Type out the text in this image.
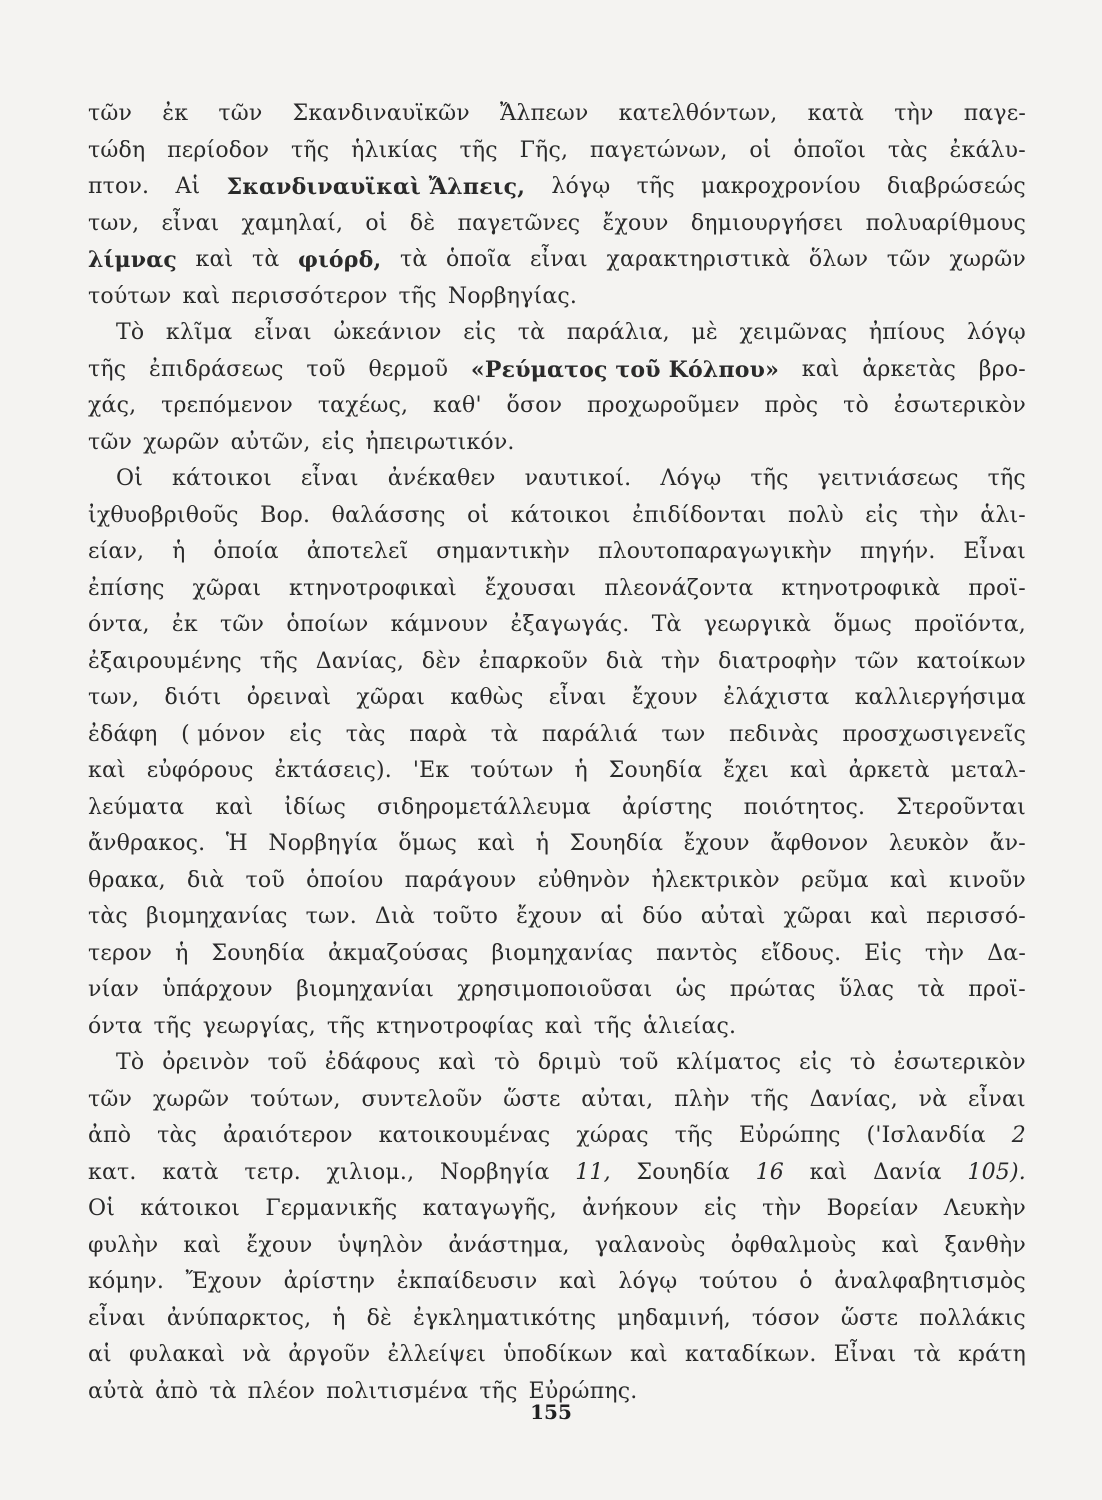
τῶν ἐκ τῶν Σκανδιναυϊκῶν Ἄλπεων κατελθόντων, κατὰ τὴν παγε-
τώδη περίοδον τῆς ἡλικίας τῆς Γῆς, παγετώνων, οἱ ὁποῖοι τὰς ἐκάλυ-
πτον. Αἱ Σκανδιναυϊκαὶ Ἄλπεις, λόγῳ τῆς μακροχρονίου διαβρώσεώς
των, εἶναι χαμηλαί, οἱ δὲ παγετῶνες ἔχουν δημιουργήσει πολυαρίθμους
λίμνας καὶ τὰ φιόρδ, τὰ ὁποῖα εἶναι χαρακτηριστικὰ ὅλων τῶν χωρῶν
τούτων καὶ περισσότερον τῆς Νορβηγίας.
Τὸ κλῖμα εἶναι ὠκεάνιον εἰς τὰ παράλια, μὲ χειμῶνας ἠπίους λόγῳ
τῆς ἐπιδράσεως τοῦ θερμοῦ «Ρεύματος τοῦ Κόλπου» καὶ ἀρκετὰς βρο-
χάς, τρεπόμενον ταχέως, καθ' ὅσον προχωροῦμεν πρὸς τὸ ἐσωτερικὸν
τῶν χωρῶν αὐτῶν, εἰς ἠπειρωτικόν.
Οἱ κάτοικοι εἶναι ἀνέκαθεν ναυτικοί. Λόγῳ τῆς γειτνιάσεως τῆς
ἰχθυοβριθοῦς Βορ. θαλάσσης οἱ κάτοικοι ἐπιδίδονται πολὺ εἰς τὴν ἁλι-
είαν, ἡ ὁποία ἀποτελεῖ σημαντικὴν πλουτοπαραγωγικὴν πηγήν. Εἶναι
ἐπίσης χῶραι κτηνοτροφικαὶ ἔχουσαι πλεονάζοντα κτηνοτροφικὰ προϊ-
όντα, ἐκ τῶν ὁποίων κάμνουν ἐξαγωγάς. Τὰ γεωργικὰ ὅμως προϊόντα,
ἐξαιρουμένης τῆς Δανίας, δὲν ἐπαρκοῦν διὰ τὴν διατροφὴν τῶν κατοίκων
των, διότι ὀρειναὶ χῶραι καθὼς εἶναι ἔχουν ἐλάχιστα καλλιεργήσιμα
ἐδάφη ( μόνον εἰς τὰς παρὰ τὰ παράλιά των πεδινὰς προσχωσιγενεῖς
καὶ εὐφόρους ἐκτάσεις). 'Εκ τούτων ἡ Σουηδία ἔχει καὶ ἀρκετὰ μεταλ-
λεύματα καὶ ἰδίως σιδηρομετάλλευμα ἀρίστης ποιότητος. Στεροῦνται
ἄνθρακος. Ἡ Νορβηγία ὅμως καὶ ἡ Σουηδία ἔχουν ἄφθονον λευκὸν ἄν-
θρακα, διὰ τοῦ ὁποίου παράγουν εὐθηνὸν ἠλεκτρικὸν ρεῦμα καὶ κινοῦν
τὰς βιομηχανίας των. Διὰ τοῦτο ἔχουν αἱ δύο αὐταὶ χῶραι καὶ περισσό-
τερον ἡ Σουηδία ἀκμαζούσας βιομηχανίας παντὸς εἴδους. Εἰς τὴν Δα-
νίαν ὑπάρχουν βιομηχανίαι χρησιμοποιοῦσαι ὡς πρώτας ὕλας τὰ προϊ-
όντα τῆς γεωργίας, τῆς κτηνοτροφίας καὶ τῆς ἁλιείας.
Τὸ ὀρεινὸν τοῦ ἐδάφους καὶ τὸ δριμὺ τοῦ κλίματος εἰς τὸ ἐσωτερικὸν
τῶν χωρῶν τούτων, συντελοῦν ὥστε αὐται, πλὴν τῆς Δανίας, νὰ εἶναι
ἀπὸ τὰς ἀραιότερον κατοικουμένας χώρας τῆς Εὐρώπης ('Ισλανδία 2
κατ. κατὰ τετρ. χιλιομ., Νορβηγία 11, Σουηδία 16 καὶ Δανία 105).
Οἱ κάτοικοι Γερμανικῆς καταγωγῆς, ἀνήκουν εἰς τὴν Βορείαν Λευκὴν
φυλὴν καὶ ἔχουν ὑψηλὸν ἀνάστημα, γαλανοὺς ὀφθαλμοὺς καὶ ξανθὴν
κόμην. Ἔχουν ἀρίστην ἐκπαίδευσιν καὶ λόγῳ τούτου ὁ ἀναλφαβητισμὸς
εἶναι ἀνύπαρκτος, ἡ δὲ ἐγκληματικότης μηδαμινή, τόσον ὥστε πολλάκις
αἱ φυλακαὶ νὰ ἀργοῦν ἐλλείψει ὑποδίκων καὶ καταδίκων. Εἶναι τὰ κράτη
αὐτὰ ἀπὸ τὰ πλέον πολιτισμένα τῆς Εὐρώπης.
155
